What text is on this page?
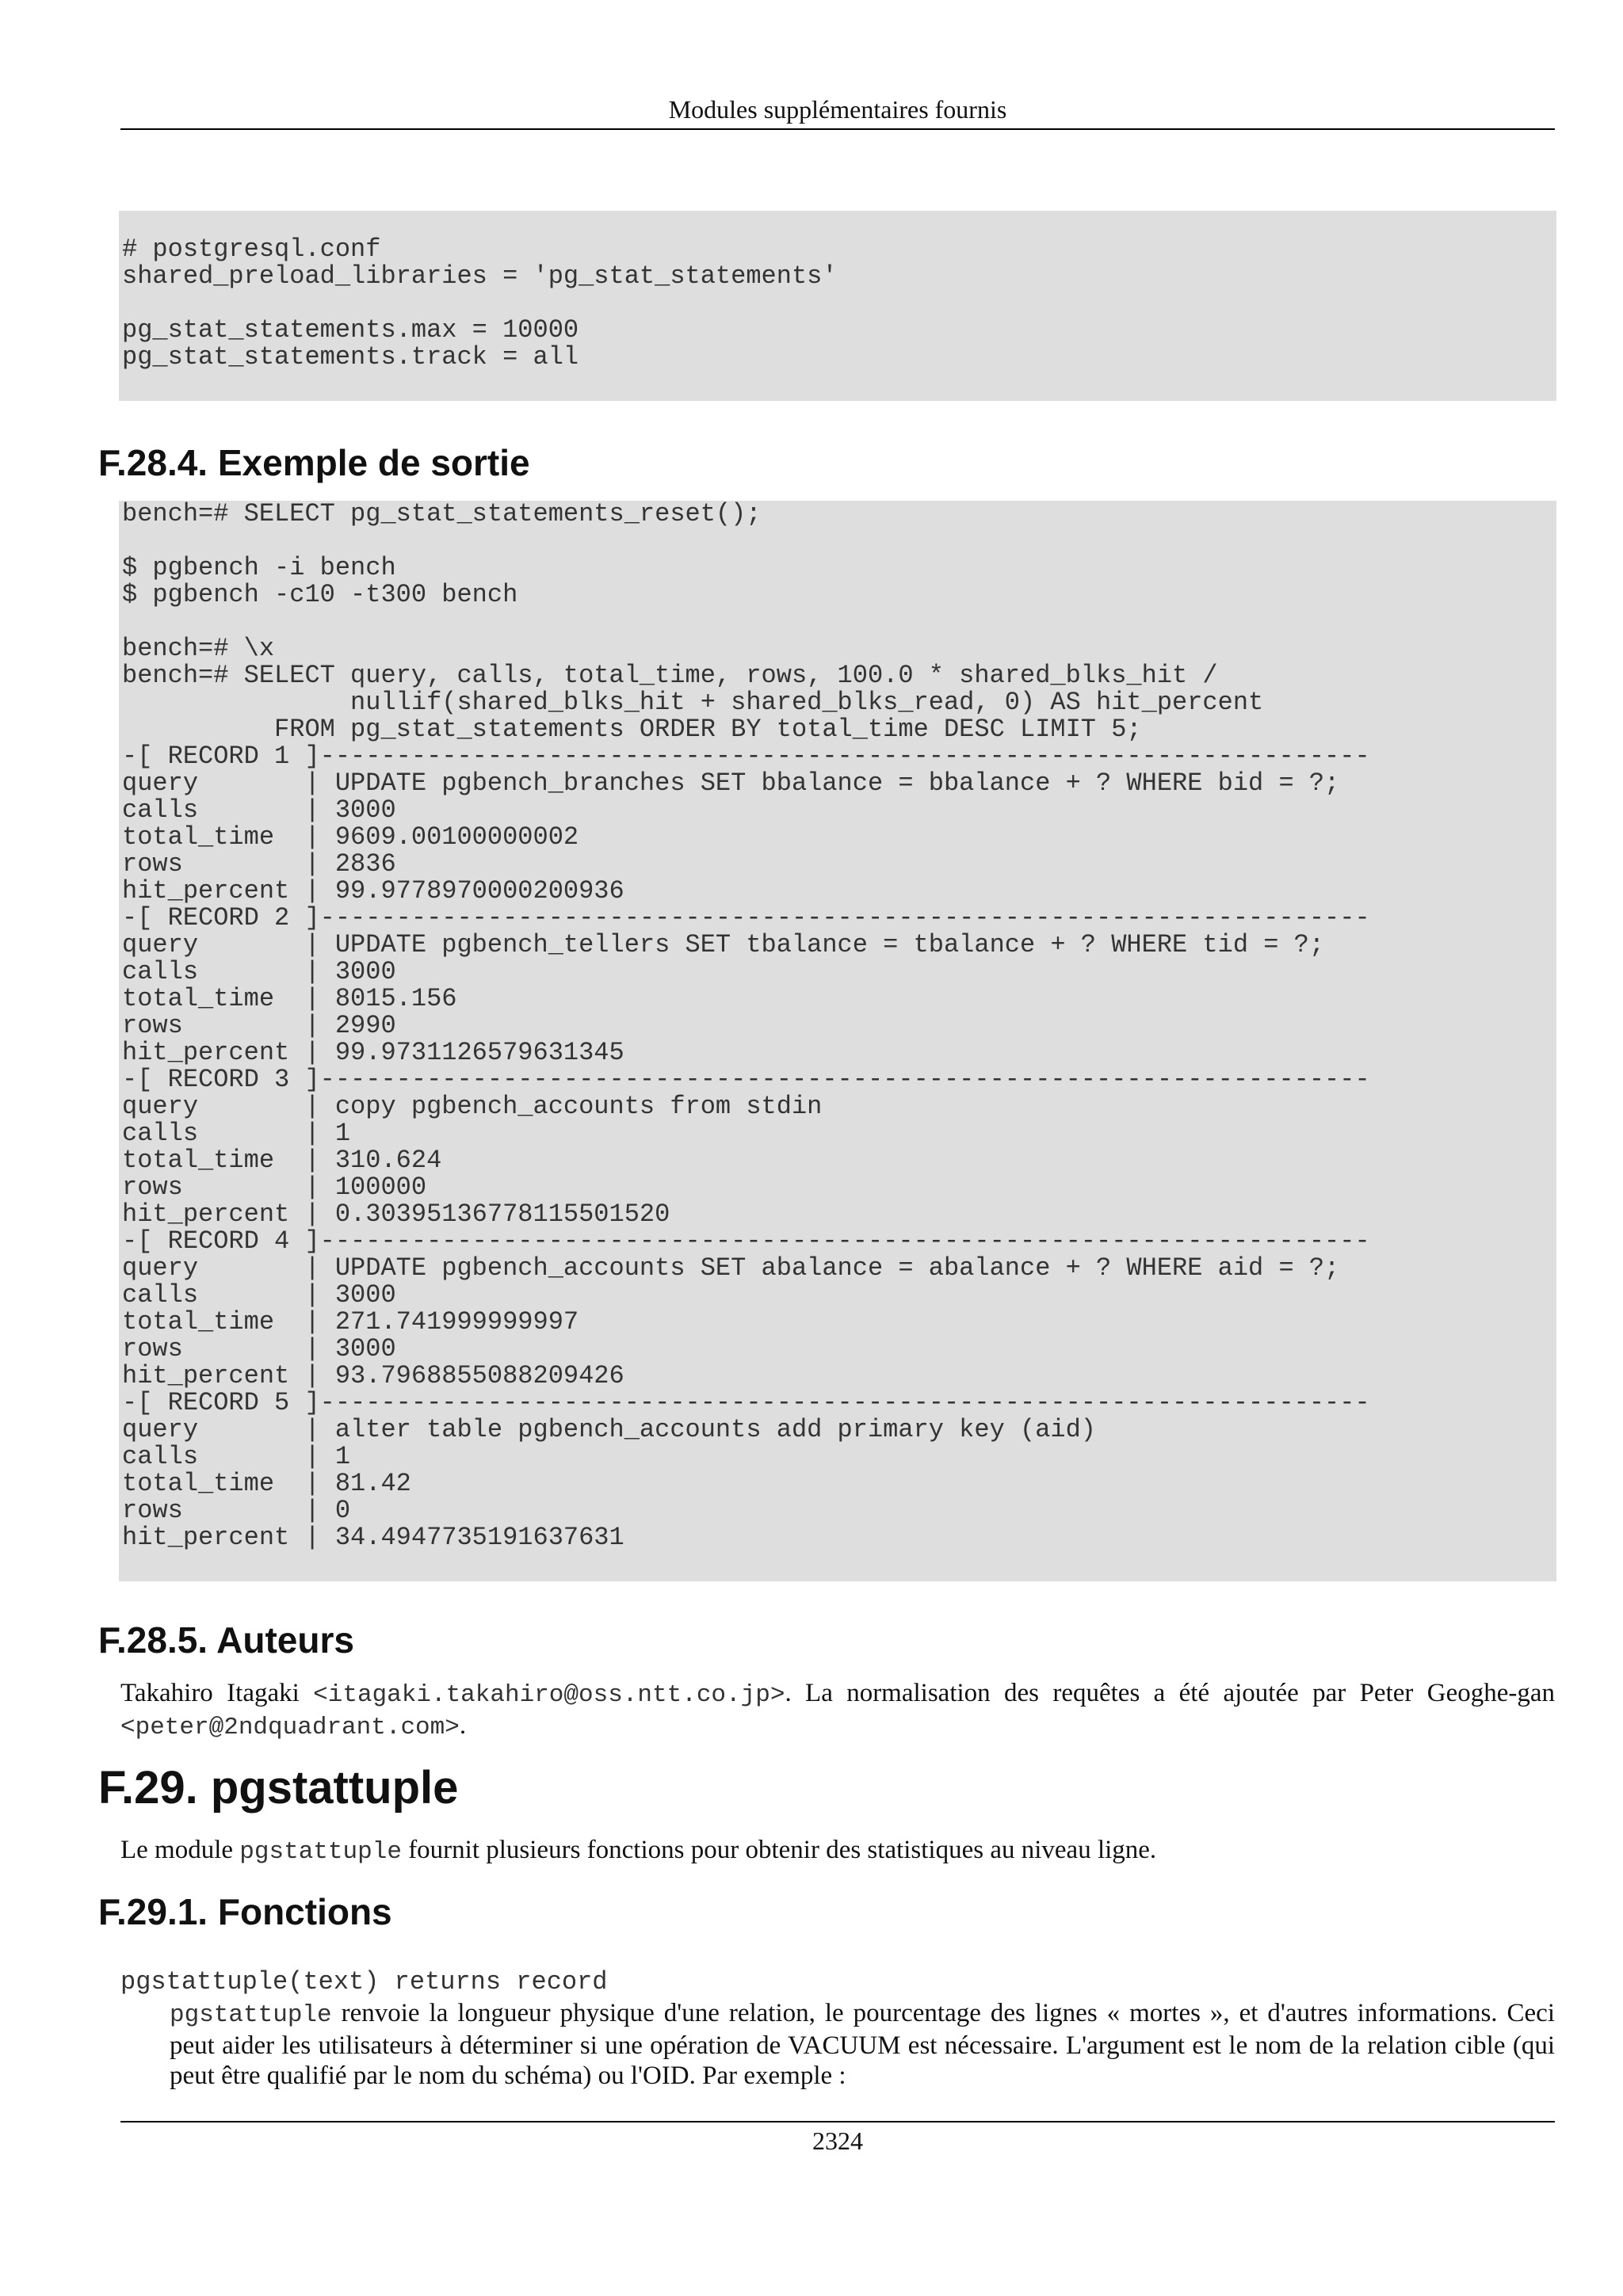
Modules supplémentaires fournis
# postgresql.conf
shared_preload_libraries = 'pg_stat_statements'

pg_stat_statements.max = 10000
pg_stat_statements.track = all
F.28.4. Exemple de sortie
bench=# SELECT pg_stat_statements_reset();

$ pgbench -i bench
$ pgbench -c10 -t300 bench

bench=# \x
bench=# SELECT query, calls, total_time, rows, 100.0 * shared_blks_hit /
nullif(shared_blks_hit + shared_blks_read, 0) AS hit_percent
FROM pg_stat_statements ORDER BY total_time DESC LIMIT 5;
-[ RECORD 1 ]---------------------------------------------------------------------
query       | UPDATE pgbench_branches SET bbalance = bbalance + ? WHERE bid = ?;
calls       | 3000
total_time  | 9609.00100000002
rows        | 2836
hit_percent | 99.9778970000200936
-[ RECORD 2 ]---------------------------------------------------------------------
query       | UPDATE pgbench_tellers SET tbalance = tbalance + ? WHERE tid = ?;
calls       | 3000
total_time  | 8015.156
rows        | 2990
hit_percent | 99.9731126579631345
-[ RECORD 3 ]---------------------------------------------------------------------
query       | copy pgbench_accounts from stdin
calls       | 1
total_time  | 310.624
rows        | 100000
hit_percent | 0.30395136778115501520
-[ RECORD 4 ]---------------------------------------------------------------------
query       | UPDATE pgbench_accounts SET abalance = abalance + ? WHERE aid = ?;
calls       | 3000
total_time  | 271.741999999997
rows        | 3000
hit_percent | 93.7968855088209426
-[ RECORD 5 ]---------------------------------------------------------------------
query       | alter table pgbench_accounts add primary key (aid)
calls       | 1
total_time  | 81.42
rows        | 0
hit_percent | 34.4947735191637631
F.28.5. Auteurs

Takahiro Itagaki <itagaki.takahiro@oss.ntt.co.jp>. La normalisation des requêtes a été ajoutée par Peter Geoghe-gan <peter@2ndquadrant.com>.

F.29. pgstattuple

Le module pgstattuple fournit plusieurs fonctions pour obtenir des statistiques au niveau ligne.

F.29.1. Fonctions
pgstattuple(text) returns record

pgstattuple renvoie la longueur physique d'une relation, le pourcentage des lignes « mortes », et d'autres informations. Ceci peut aider les utilisateurs à déterminer si une opération de VACUUM est nécessaire. L'argument est le nom de la relation cible (qui peut être qualifié par le nom du schéma) ou l'OID. Par exemple :

2324
